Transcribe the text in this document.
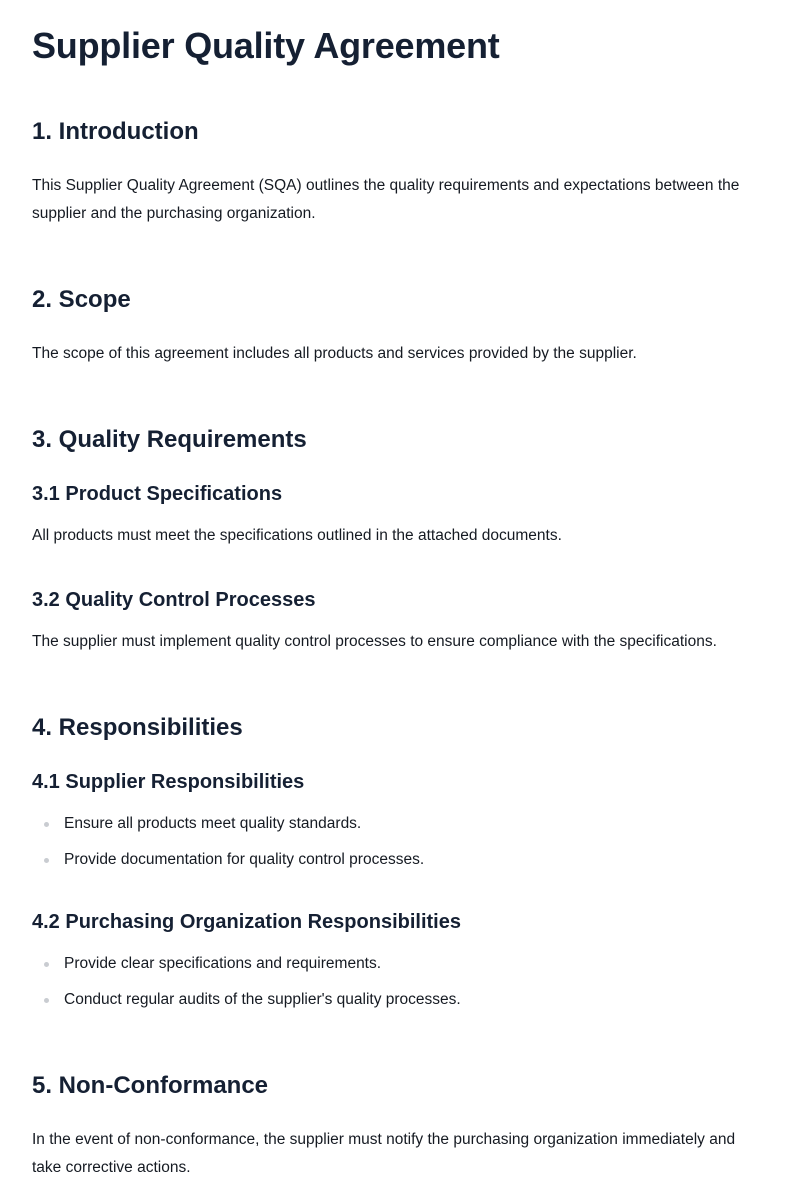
Supplier Quality Agreement
1. Introduction

This Supplier Quality Agreement (SQA) outlines the quality requirements and expectations between the supplier and the purchasing organization.

2. Scope

The scope of this agreement includes all products and services provided by the supplier.

3. Quality Requirements
3.1 Product Specifications

All products must meet the specifications outlined in the attached documents.

3.2 Quality Control Processes

The supplier must implement quality control processes to ensure compliance with the specifications.

4. Responsibilities
4.1 Supplier Responsibilities
Ensure all products meet quality standards.
Provide documentation for quality control processes.
4.2 Purchasing Organization Responsibilities
Provide clear specifications and requirements.
Conduct regular audits of the supplier's quality processes.
5. Non-Conformance

In the event of non-conformance, the supplier must notify the purchasing organization immediately and take corrective actions.
